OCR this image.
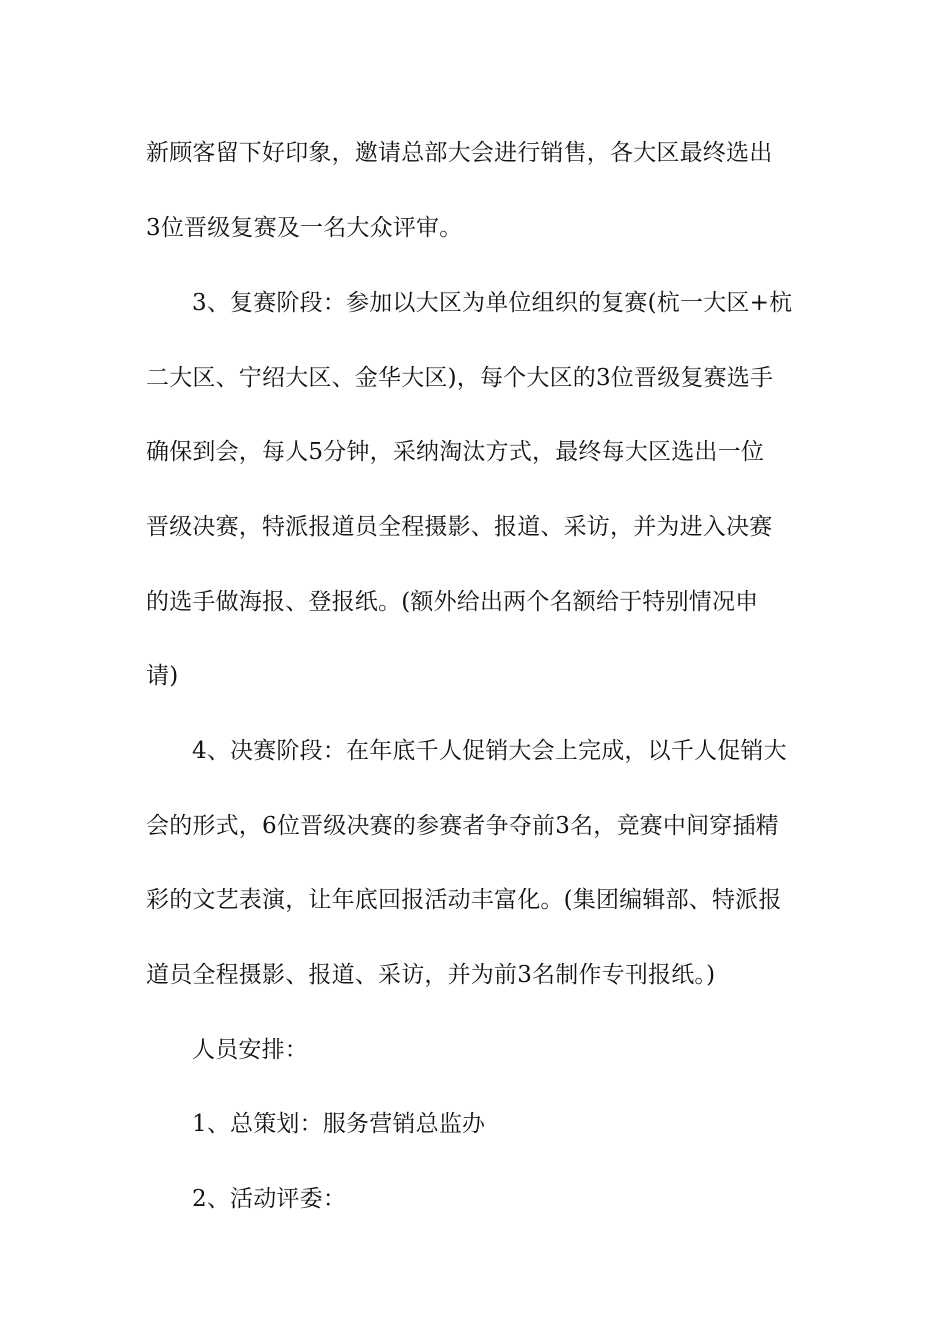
新顾客留下好印象，邀请总部大会进行销售，各大区最终选出
3位晋级复赛及一名大众评审。
3、复赛阶段：参加以大区为单位组织的复赛(杭一大区+杭
二大区、宁绍大区、金华大区)，每个大区的3位晋级复赛选手
确保到会，每人5分钟，采纳淘汰方式，最终每大区选出一位
晋级决赛，特派报道员全程摄影、报道、采访，并为进入决赛
的选手做海报、登报纸。(额外给出两个名额给于特别情况申
请)
4、决赛阶段：在年底千人促销大会上完成，以千人促销大
会的形式，6位晋级决赛的参赛者争夺前3名，竞赛中间穿插精
彩的文艺表演，让年底回报活动丰富化。(集团编辑部、特派报
道员全程摄影、报道、采访，并为前3名制作专刊报纸。)
人员安排：
1、总策划：服务营销总监办
2、活动评委：
